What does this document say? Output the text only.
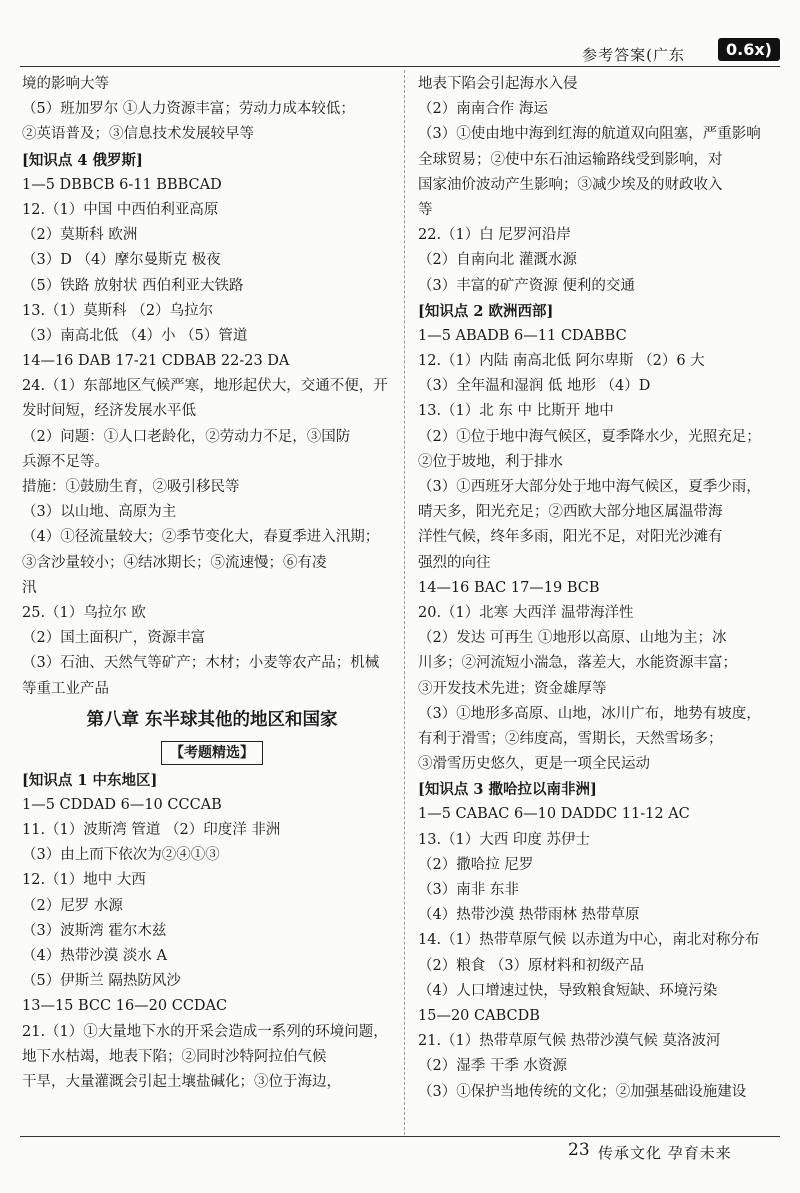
参考答案(广东	0.6x)
境的影响大等
（5）班加罗尔 ①人力资源丰富；劳动力成本较低；
②英语普及；③信息技术发展较早等
[知识点 4 俄罗斯]
1—5 DBBCB 6-11 BBBCAD
12.（1）中国 中西伯利亚高原
（2）莫斯科 欧洲
（3）D （4）摩尔曼斯克 极夜
（5）铁路 放射状 西伯利亚大铁路
13.（1）莫斯科 （2）乌拉尔
（3）南高北低 （4）小 （5）管道
14—16 DAB 17-21 CDBAB 22-23 DA
24.（1）东部地区气候严寒，地形起伏大，交通不便，开
发时间短，经济发展水平低
（2）问题：①人口老龄化，②劳动力不足，③国防
兵源不足等。
措施：①鼓励生育，②吸引移民等
（3）以山地、高原为主
（4）①径流量较大；②季节变化大，春夏季进入汛期；
③含沙量较小；④结冰期长；⑤流速慢；⑥有凌
汛
25.（1）乌拉尔 欧
（2）国土面积广，资源丰富
（3）石油、天然气等矿产；木材；小麦等农产品；机械
等重工业产品
第八章 东半球其他的地区和国家
【考题精选】
[知识点 1 中东地区]
1—5 CDDAD 6—10 CCCAB
11.（1）波斯湾 管道 （2）印度洋 非洲
（3）由上而下依次为②④①③
12.（1）地中 大西
（2）尼罗 水源
（3）波斯湾 霍尔木兹
（4）热带沙漠 淡水 A
（5）伊斯兰 隔热防风沙
13—15 BCC 16—20 CCDAC
21.（1）①大量地下水的开采会造成一系列的环境问题，
地下水枯竭，地表下陷；②同时沙特阿拉伯气候
干旱，大量灌溉会引起土壤盐碱化；③位于海边，
地表下陷会引起海水入侵
（2）南南合作 海运
（3）①使由地中海到红海的航道双向阻塞，严重影响
全球贸易；②使中东石油运输路线受到影响，对
国家油价波动产生影响；③减少埃及的财政收入
等
22.（1）白 尼罗河沿岸
（2）自南向北 灌溉水源
（3）丰富的矿产资源 便利的交通
[知识点 2 欧洲西部]
1—5 ABADB 6—11 CDABBC
12.（1）内陆 南高北低 阿尔卑斯 （2）6 大
（3）全年温和湿润 低 地形 （4）D
13.（1）北 东 中 比斯开 地中
（2）①位于地中海气候区，夏季降水少，光照充足；
②位于坡地，利于排水
（3）①西班牙大部分处于地中海气候区，夏季少雨，
晴天多，阳光充足；②西欧大部分地区属温带海
洋性气候，终年多雨，阳光不足，对阳光沙滩有
强烈的向往
14—16 BAC 17—19 BCB
20.（1）北寒 大西洋 温带海洋性
（2）发达 可再生 ①地形以高原、山地为主；冰
川多；②河流短小湍急，落差大，水能资源丰富；
③开发技术先进；资金雄厚等
（3）①地形多高原、山地，冰川广布，地势有坡度，
有利于滑雪；②纬度高，雪期长，天然雪场多；
③滑雪历史悠久，更是一项全民运动
[知识点 3 撒哈拉以南非洲]
1—5 CABAC 6—10 DADDC 11-12 AC
13.（1）大西 印度 苏伊士
（2）撒哈拉 尼罗
（3）南非 东非
（4）热带沙漠 热带雨林 热带草原
14.（1）热带草原气候 以赤道为中心，南北对称分布
（2）粮食 （3）原材料和初级产品
（4）人口增速过快，导致粮食短缺、环境污染
15—20 CABCDB
21.（1）热带草原气候 热带沙漠气候 莫洛波河
（2）湿季 干季 水资源
（3）①保护当地传统的文化；②加强基础设施建设
23 传承文化 孕育未来
